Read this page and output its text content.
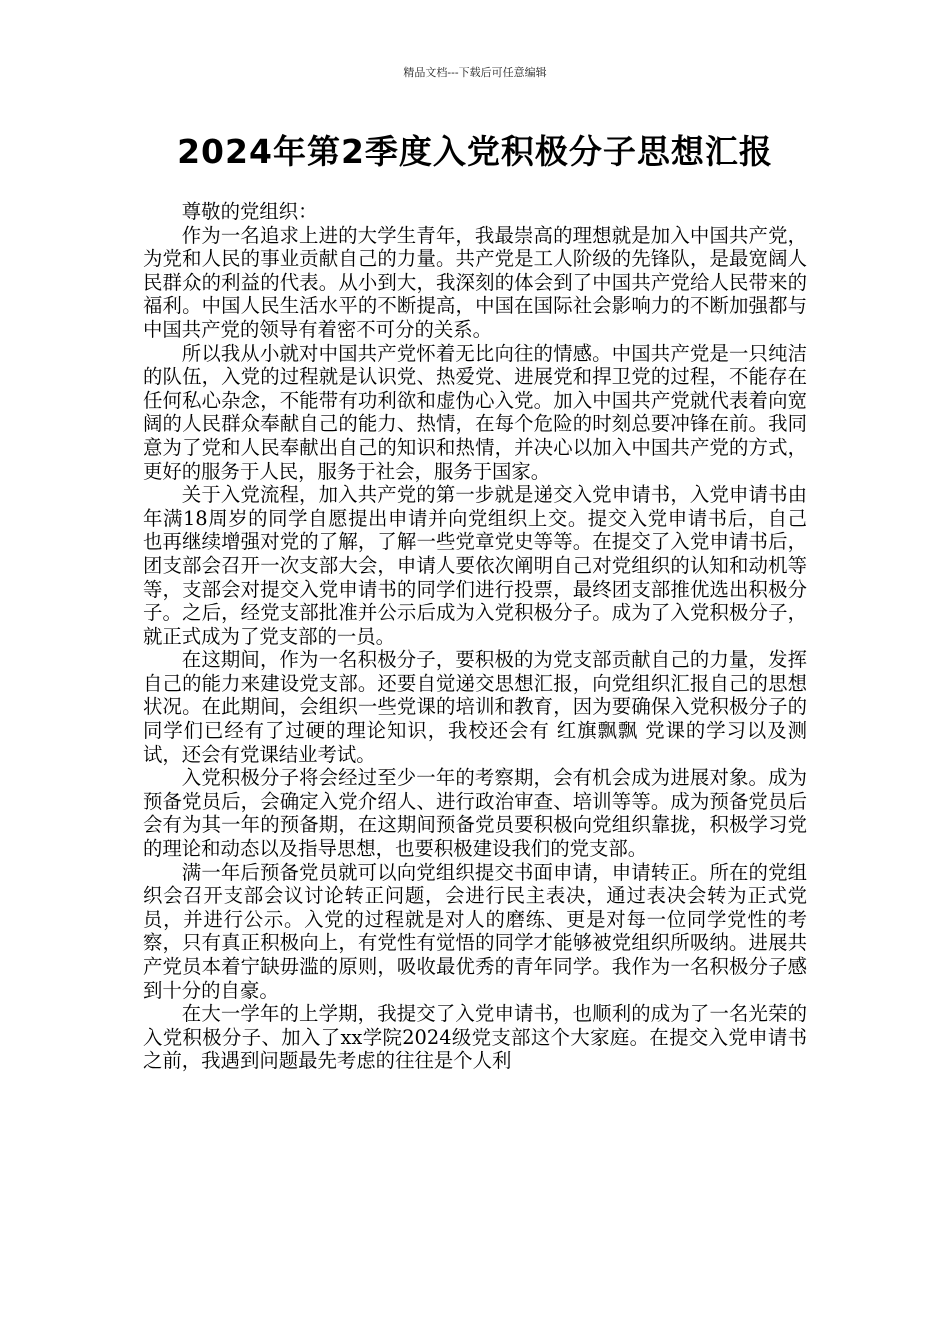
精品文档---下载后可任意编辑
2024年第2季度入党积极分子思想汇报

尊敬的党组织：

作为一名追求上进的大学生青年，我最崇高的理想就是加入中国共产党，为党和人民的事业贡献自己的力量。共产党是工人阶级的先锋队，是最宽阔人民群众的利益的代表。从小到大，我深刻的体会到了中国共产党给人民带来的福利。中国人民生活水平的不断提高，中国在国际社会影响力的不断加强都与中国共产党的领导有着密不可分的关系。

所以我从小就对中国共产党怀着无比向往的情感。中国共产党是一只纯洁的队伍，入党的过程就是认识党、热爱党、进展党和捍卫党的过程，不能存在任何私心杂念，不能带有功利欲和虚伪心入党。加入中国共产党就代表着向宽阔的人民群众奉献自己的能力、热情，在每个危险的时刻总要冲锋在前。我同意为了党和人民奉献出自己的知识和热情，并决心以加入中国共产党的方式，更好的服务于人民，服务于社会，服务于国家。

关于入党流程，加入共产党的第一步就是递交入党申请书，入党申请书由年满18周岁的同学自愿提出申请并向党组织上交。提交入党申请书后，自己也再继续增强对党的了解，了解一些党章党史等等。在提交了入党申请书后，团支部会召开一次支部大会，申请人要依次阐明自己对党组织的认知和动机等等，支部会对提交入党申请书的同学们进行投票，最终团支部推优选出积极分子。之后，经党支部批准并公示后成为入党积极分子。成为了入党积极分子，就正式成为了党支部的一员。

在这期间，作为一名积极分子，要积极的为党支部贡献自己的力量，发挥自己的能力来建设党支部。还要自觉递交思想汇报，向党组织汇报自己的思想状况。在此期间，会组织一些党课的培训和教育，因为要确保入党积极分子的同学们已经有了过硬的理论知识，我校还会有 红旗飘飘 党课的学习以及测试，还会有党课结业考试。

入党积极分子将会经过至少一年的考察期，会有机会成为进展对象。成为预备党员后，会确定入党介绍人、进行政治审查、培训等等。成为预备党员后会有为其一年的预备期，在这期间预备党员要积极向党组织靠拢，积极学习党的理论和动态以及指导思想，也要积极建设我们的党支部。

满一年后预备党员就可以向党组织提交书面申请，申请转正。所在的党组织会召开支部会议讨论转正问题，会进行民主表决，通过表决会转为正式党员，并进行公示。入党的过程就是对人的磨练、更是对每一位同学党性的考察，只有真正积极向上，有党性有觉悟的同学才能够被党组织所吸纳。进展共产党员本着宁缺毋滥的原则，吸收最优秀的青年同学。我作为一名积极分子感到十分的自豪。

在大一学年的上学期，我提交了入党申请书，也顺利的成为了一名光荣的入党积极分子、加入了xx学院2024级党支部这个大家庭。在提交入党申请书之前，我遇到问题最先考虑的往往是个人利
